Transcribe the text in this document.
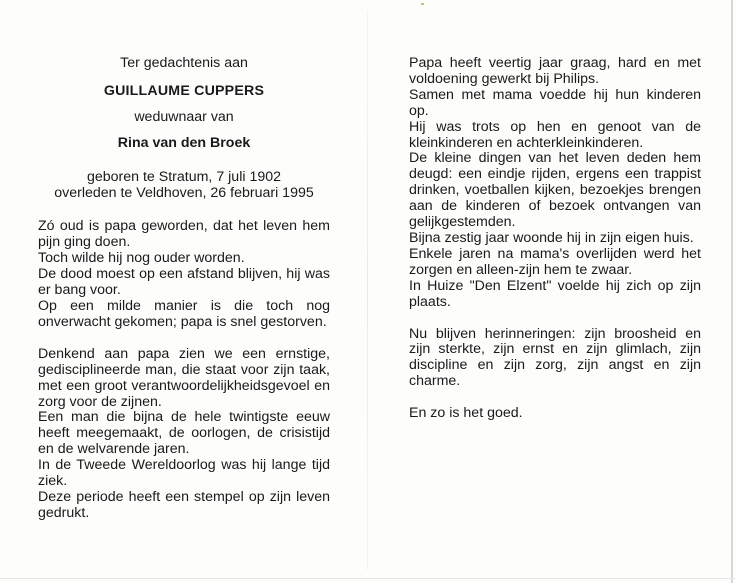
Ter gedachtenis aan

GUILLAUME CUPPERS

weduwnaar van

Rina van den Broek

geboren te Stratum, 7 juli 1902

overleden te Veldhoven, 26 februari 1995

Zó oud is papa geworden, dat het leven hem pijn ging doen.

Toch wilde hij nog ouder worden.

De dood moest op een afstand blijven, hij was er bang voor.

Op een milde manier is die toch nog onverwacht gekomen; papa is snel gestorven.

Denkend aan papa zien we een ernstige, gedisciplineerde man, die staat voor zijn taak, met een groot verantwoordelijkheidsgevoel en zorg voor de zijnen.

Een man die bijna de hele twintigste eeuw heeft meegemaakt, de oorlogen, de crisistijd en de welvarende jaren.

In de Tweede Wereldoorlog was hij lange tijd ziek.

Deze periode heeft een stempel op zijn leven gedrukt.

Papa heeft veertig jaar graag, hard en met voldoening gewerkt bij Philips.

Samen met mama voedde hij hun kinderen op.

Hij was trots op hen en genoot van de kleinkinderen en achterkleinkinderen.

De kleine dingen van het leven deden hem deugd: een eindje rijden, ergens een trappist drinken, voetballen kijken, bezoekjes brengen aan de kinderen of bezoek ontvangen van gelijkgestemden.

Bijna zestig jaar woonde hij in zijn eigen huis.

Enkele jaren na mama's overlijden werd het zorgen en alleen-zijn hem te zwaar.

In Huize "Den Elzent" voelde hij zich op zijn plaats.

Nu blijven herinneringen: zijn broosheid en zijn sterkte, zijn ernst en zijn glimlach, zijn discipline en zijn zorg, zijn angst en zijn charme.

En zo is het goed.
